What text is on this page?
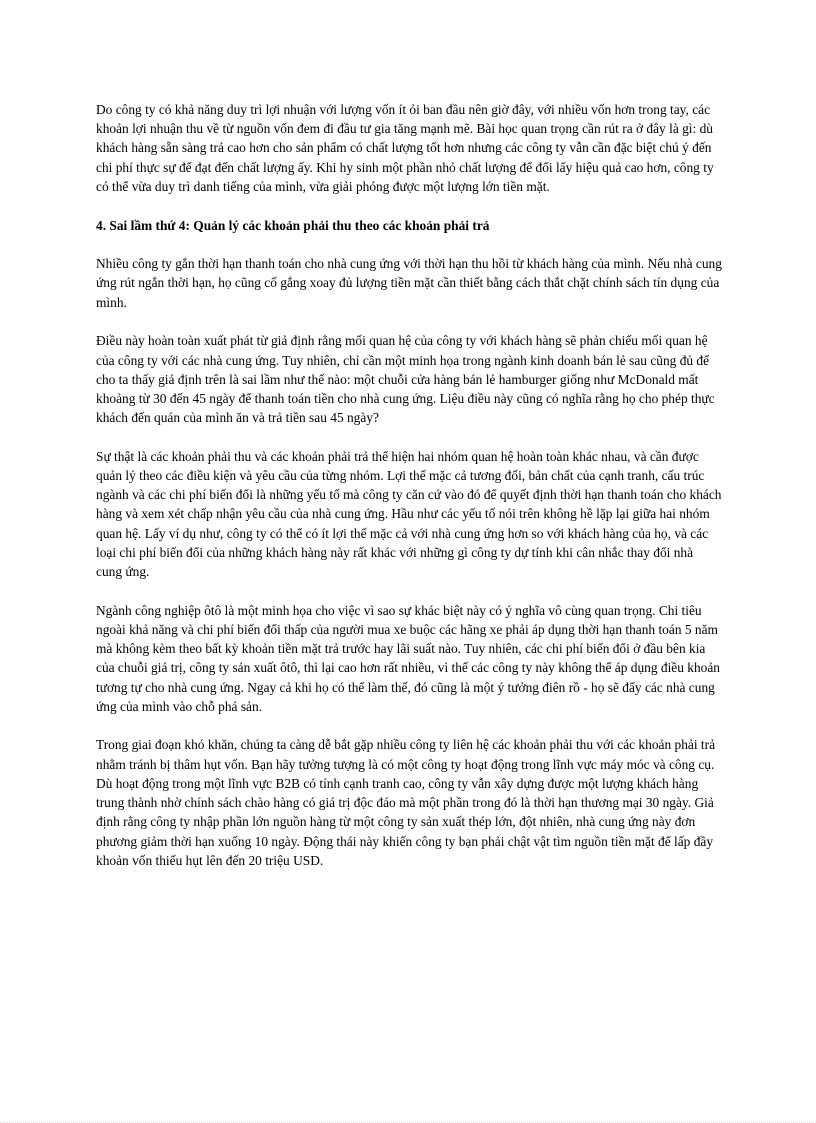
Do công ty có khả năng duy trì lợi nhuận với lượng vốn ít ỏi ban đầu nên giờ đây, với nhiều vốn hơn trong tay, các khoản lợi nhuận thu về từ nguồn vốn đem đi đầu tư gia tăng mạnh mẽ. Bài học quan trọng cần rút ra ở đây là gì: dù khách hàng sẵn sàng trả cao hơn cho sản phẩm có chất lượng tốt hơn nhưng các công ty vẫn cần đặc biệt chú ý đến chi phí thực sự để đạt đến chất lượng ấy. Khi hy sinh một phần nhỏ chất lượng để đổi lấy hiệu quả cao hơn, công ty có thể vừa duy trì danh tiếng của mình, vừa giải phóng được một lượng lớn tiền mặt.

4. Sai lầm thứ 4: Quản lý các khoản phải thu theo các khoản phải trả

Nhiều công ty gắn thời hạn thanh toán cho nhà cung ứng với thời hạn thu hồi từ khách hàng của mình. Nếu nhà cung ứng rút ngắn thời hạn, họ cũng cố gắng xoay đủ lượng tiền mặt cần thiết bằng cách thắt chặt chính sách tín dụng của mình.

Điều này hoàn toàn xuất phát từ giả định rằng mối quan hệ của công ty với khách hàng sẽ phản chiếu mối quan hệ của công ty với các nhà cung ứng. Tuy nhiên, chỉ cần một minh họa trong ngành kinh doanh bán lẻ sau cũng đủ để cho ta thấy giả định trên là sai lầm như thế nào: một chuỗi cửa hàng bán lẻ hamburger giống như McDonald mất khoảng từ 30 đến 45 ngày để thanh toán tiền cho nhà cung ứng. Liệu điều này cũng có nghĩa rằng họ cho phép thực khách đến quán của mình ăn và trả tiền sau 45 ngày?

Sự thật là các khoản phải thu và các khoản phải trả thể hiện hai nhóm quan hệ hoàn toàn khác nhau, và cần được quản lý theo các điều kiện và yêu cầu của từng nhóm. Lợi thế mặc cả tương đối, bản chất của cạnh tranh, cấu trúc ngành và các chi phí biến đổi là những yếu tố mà công ty căn cứ vào đó để quyết định thời hạn thanh toán cho khách hàng và xem xét chấp nhận yêu cầu của nhà cung ứng. Hầu như các yếu tố nói trên không hề lặp lại giữa hai nhóm quan hệ. Lấy ví dụ như, công ty có thể có ít lợi thế mặc cả với nhà cung ứng hơn so với khách hàng của họ, và các loại chi phí biến đổi của những khách hàng này rất khác với những gì công ty dự tính khi cân nhắc thay đổi nhà cung ứng.

Ngành công nghiệp ôtô là một minh họa cho việc vì sao sự khác biệt này có ý nghĩa vô cùng quan trọng. Chi tiêu ngoài khả năng và chi phí biến đổi thấp của người mua xe buộc các hãng xe phải áp dụng thời hạn thanh toán 5 năm mà không kèm theo bất kỳ khoản tiền mặt trả trước hay lãi suất nào. Tuy nhiên, các chi phí biến đổi ở đầu bên kia của chuỗi giá trị, công ty sản xuất ôtô, thì lại cao hơn rất nhiều, vì thế các công ty này không thể áp dụng điều khoản tương tự cho nhà cung ứng. Ngay cả khi họ có thể làm thế, đó cũng là một ý tưởng điên rồ - họ sẽ đẩy các nhà cung ứng của mình vào chỗ phá sản.

Trong giai đoạn khó khăn, chúng ta càng dễ bắt gặp nhiều công ty liên hệ các khoản phải thu với các khoản phải trả nhằm tránh bị thâm hụt vốn. Bạn hãy tưởng tượng là có một công ty hoạt động trong lĩnh vực máy móc và công cụ. Dù hoạt động trong một lĩnh vực B2B có tính cạnh tranh cao, công ty vẫn xây dựng được một lượng khách hàng trung thành nhờ chính sách chào hàng có giá trị độc đáo mà một phần trong đó là thời hạn thương mại 30 ngày. Giả định rằng công ty nhập phần lớn nguồn hàng từ một công ty sản xuất thép lớn, đột nhiên, nhà cung ứng này đơn phương giảm thời hạn xuống 10 ngày. Động thái này khiến công ty bạn phải chật vật tìm nguồn tiền mặt để lấp đầy khoản vốn thiếu hụt lên đến 20 triệu USD.
